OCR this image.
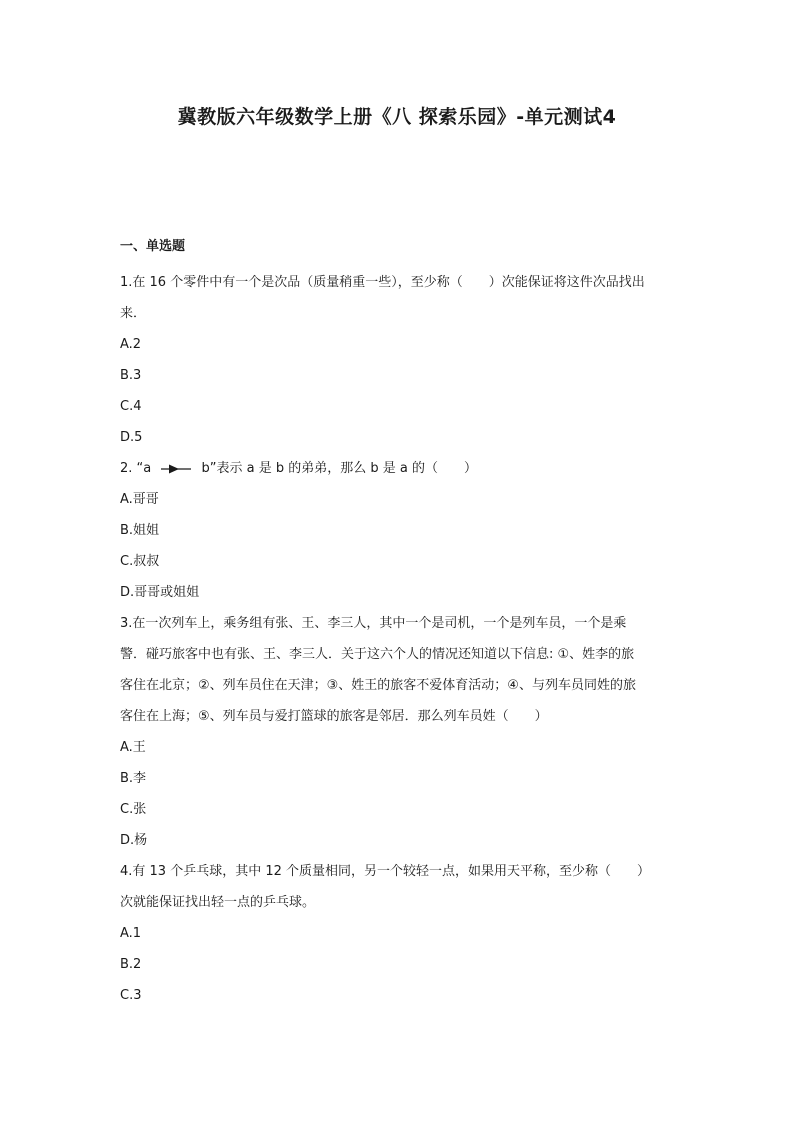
冀教版六年级数学上册《八 探索乐园》-单元测试4
一、单选题
1.在 16 个零件中有一个是次品（质量稍重一些），至少称（　　）次能保证将这件次品找出
来．
A.2
B.3
C.4
D.5
2. “a	b”表示 a 是 b 的弟弟，那么 b 是 a 的（　　）
A.哥哥
B.姐姐
C.叔叔
D.哥哥或姐姐
3.在一次列车上，乘务组有张、王、李三人，其中一个是司机，一个是列车员，一个是乘
警．碰巧旅客中也有张、王、李三人．关于这六个人的情况还知道以下信息: ①、姓李的旅
客住在北京；②、列车员住在天津；③、姓王的旅客不爱体育活动；④、与列车员同姓的旅
客住在上海；⑤、列车员与爱打篮球的旅客是邻居．那么列车员姓（　　）
A.王
B.李
C.张
D.杨
4.有 13 个乒乓球，其中 12 个质量相同，另一个较轻一点，如果用天平称，至少称（　　）
次就能保证找出轻一点的乒乓球。
A.1
B.2
C.3
